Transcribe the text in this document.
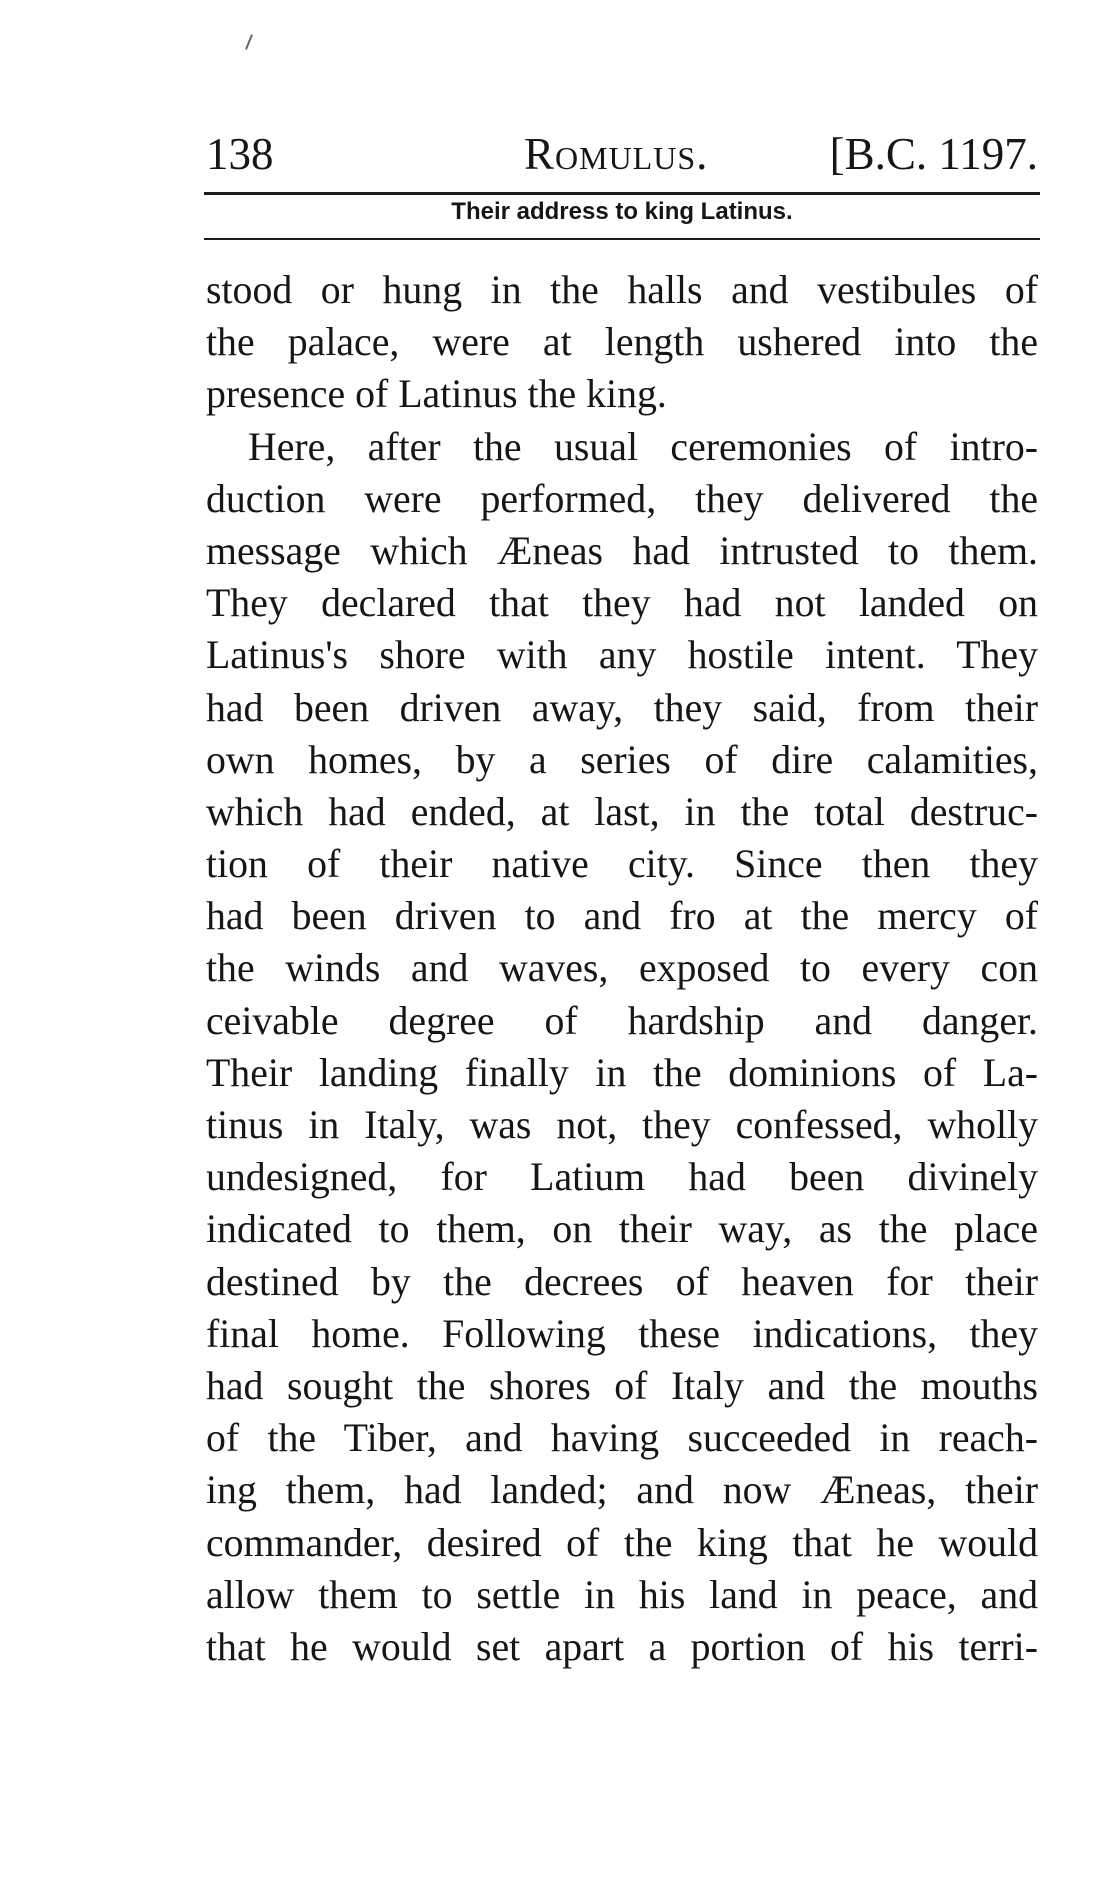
138	Romulus.	[B.C. 1197.
Their address to king Latinus.
stood or hung in the halls and vestibules of
the palace, were at length ushered into the
presence of Latinus the king.
Here, after the usual ceremonies of intro-
duction were performed, they delivered the
message which Æneas had intrusted to them.
They declared that they had not landed on
Latinus's shore with any hostile intent. They
had been driven away, they said, from their
own homes, by a series of dire calamities,
which had ended, at last, in the total destruc-
tion of their native city. Since then they
had been driven to and fro at the mercy of
the winds and waves, exposed to every con
ceivable degree of hardship and danger.
Their landing finally in the dominions of La-
tinus in Italy, was not, they confessed, wholly
undesigned, for Latium had been divinely
indicated to them, on their way, as the place
destined by the decrees of heaven for their
final home. Following these indications, they
had sought the shores of Italy and the mouths
of the Tiber, and having succeeded in reach-
ing them, had landed; and now Æneas, their
commander, desired of the king that he would
allow them to settle in his land in peace, and
that he would set apart a portion of his terri-
